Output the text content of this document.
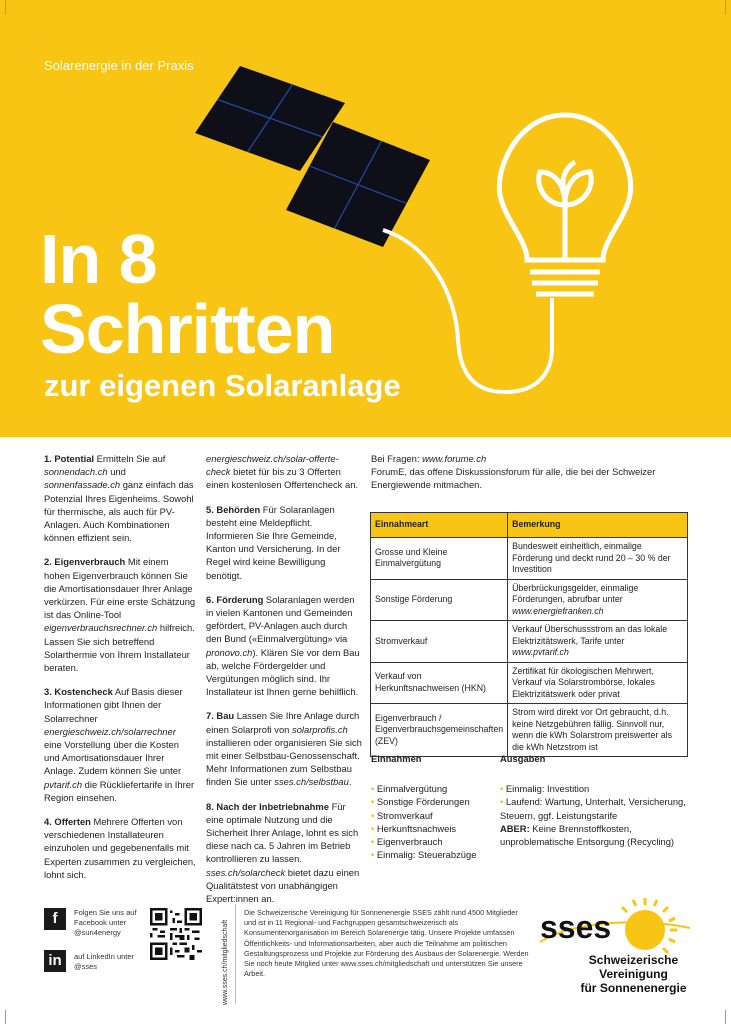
Solarenergie in der Praxis
In 8
Schritten
zur eigenen Solaranlage

1. Potential Ermitteln Sie auf sonnendach.ch und sonnenfassade.ch ganz einfach das Potenzial Ihres Eigenheims. Sowohl für thermische, als auch für PV-Anlagen. Auch Kombinationen können effizient sein.

2. Eigenverbrauch Mit einem hohen Eigenverbrauch können Sie die Amortisationsdauer Ihrer Anlage verkürzen. Für eine erste Schätzung ist das Online-Tool eigenverbrauchsrechner.ch hilfreich. Lassen Sie sich betreffend Solarthermie von Ihrem Installateur beraten.

3. Kostencheck Auf Basis dieser Informationen gibt Ihnen der Solarrechner energieschweiz.ch/solarrechner eine Vorstellung über die Kosten und Amortisationsdauer Ihrer Anlage. Zudem können Sie unter pvtarif.ch die Rückliefertarife in Ihrer Region einsehen.

4. Offerten Mehrere Offerten von verschiedenen Installateuren einzuholen und gegebenenfalls mit Experten zusammen zu vergleichen, lohnt sich.

energieschweiz.ch/solar-offerte-check bietet für bis zu 3 Offerten einen kostenlosen Offertencheck an.

5. Behörden Für Solaranlagen besteht eine Meldepflicht. Informieren Sie Ihre Gemeinde, Kanton und Versicherung. In der Regel wird keine Bewilligung benötigt.

6. Förderung Solaranlagen werden in vielen Kantonen und Gemeinden gefördert, PV-Anlagen auch durch den Bund («Einmalvergütung» via pronovo.ch). Klären Sie vor dem Bau ab, welche Fördergelder und Vergütungen möglich sind. Ihr Installateur ist Ihnen gerne behilflich.

7. Bau Lassen Sie Ihre Anlage durch einen Solarprofi von solarprofis.ch installieren oder organisieren Sie sich mit einer Selbstbau-Genossenschaft. Mehr Informationen zum Selbstbau finden Sie unter sses.ch/selbstbau.

8. Nach der Inbetriebnahme Für eine optimale Nutzung und die Sicherheit Ihrer Anlage, lohnt es sich diese nach ca. 5 Jahren im Betrieb kontrollieren zu lassen. sses.ch/solarcheck bietet dazu einen Qualitätstest von unabhängigen Expert:innen an.

Bei Fragen: www.forume.ch
ForumE, das offene Diskussionsforum für alle, die bei der Schweizer Energiewende mitmachen.

Einnahmeart	Bemerkung
Grosse und Kleine Einmalvergütung	Bundesweit einheitlich, einmalige Förderung und deckt rund 20 – 30 % der Investition
Sonstige Förderung	Überbrückungsgelder, einmalige Förderungen, abrufbar unter www.energiefranken.ch
Stromverkauf	Verkauf Überschussstrom an das lokale Elektrizitätswerk, Tarife unter www.pvtarif.ch
Verkauf von Herkunftsnachweisen (HKN)	Zertifikat für ökologischen Mehrwert, Verkauf via Solarstrombörse, lokales Elektrizitätswerk oder privat
Eigenverbrauch / Eigenverbrauchsgemeinschaften (ZEV)	Strom wird direkt vor Ort gebraucht, d.h. keine Netzgebühren fällig. Sinnvoll nur, wenn die kWh Solarstrom preiswerter als die kWh Netzstrom ist
Einnahmen
• Einmalvergütung
• Sonstige Förderungen
• Stromverkauf
• Herkunftsnachweis
• Eigenverbrauch
• Einmalig: Steuerabzüge
Ausgaben
• Einmalig: Investition
• Laufend: Wartung, Unterhalt, Versicherung, Steuern, ggf. Leistungstarife
ABER: Keine Brennstoffkosten, unproblematische Entsorgung (Recycling)
f	Folgen Sie uns auf Facebook unter @sun4energy
in	auf LinkedIn unter @sses	www.sses.ch/mitgliedschaft
Die Schweizerische Vereinigung für Sonnenenergie SSES zählt rund 4500 Mitglieder und ist in 11 Regional- und Fachgruppen gesamtschweizerisch als Konsumentenorganisation im Bereich Solarenergie tätig. Unsere Projekte umfassen Öffentlichkeits- und Informationsarbeiten, aber auch die Teilnahme am politischen Gestaltungsprozess und Projekte zur Förderung des Ausbaus der Solarenergie. Werden Sie noch heute Mitglied unter www.sses.ch/mitgliedschaft und unterstützen Sie unsere Arbeit.
sses
Schweizerische Vereinigung
für Sonnenenergie
